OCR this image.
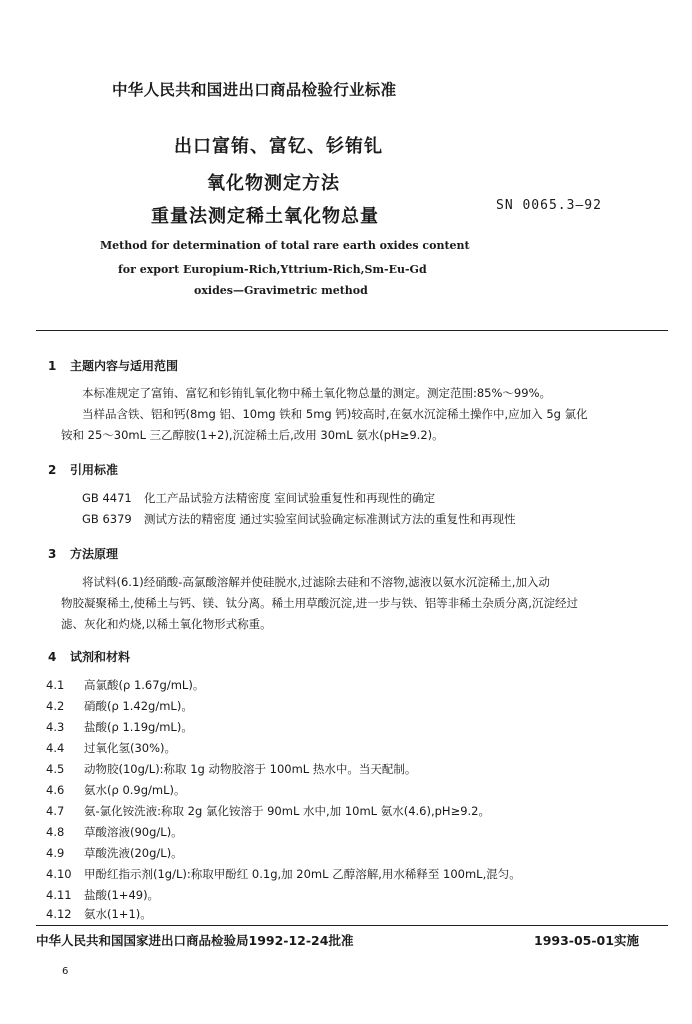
中华人民共和国进出口商品检验行业标准
出口富铕、富钇、钐铕钆
氧化物测定方法
重量法测定稀土氧化物总量
SN 0065.3—92
Method for determination of total rare earth oxides content
for export Europium-Rich,Yttrium-Rich,Sm-Eu-Gd
oxides—Gravimetric method
1 主题内容与适用范围
本标准规定了富铕、富钇和钐铕钆氧化物中稀土氧化物总量的测定。测定范围:85%～99%。
当样品含铁、铝和钙(8mg 铝、10mg 铁和 5mg 钙)较高时,在氨水沉淀稀土操作中,应加入 5g 氯化
铵和 25～30mL 三乙醇胺(1+2),沉淀稀土后,改用 30mL 氨水(pH≥9.2)。
2 引用标准
GB 4471 化工产品试验方法精密度 室间试验重复性和再现性的确定
GB 6379 测试方法的精密度 通过实验室间试验确定标准测试方法的重复性和再现性
3 方法原理
将试料(6.1)经硝酸-高氯酸溶解并使硅脱水,过滤除去硅和不溶物,滤液以氨水沉淀稀土,加入动
物胶凝聚稀土,使稀土与钙、镁、钛分离。稀土用草酸沉淀,进一步与铁、铝等非稀土杂质分离,沉淀经过
滤、灰化和灼烧,以稀土氧化物形式称重。
4 试剂和材料
4.1 高氯酸(ρ 1.67g/mL)。
4.2 硝酸(ρ 1.42g/mL)。
4.3 盐酸(ρ 1.19g/mL)。
4.4 过氧化氢(30%)。
4.5 动物胶(10g/L):称取 1g 动物胶溶于 100mL 热水中。当天配制。
4.6 氨水(ρ 0.9g/mL)。
4.7 氨-氯化铵洗液:称取 2g 氯化铵溶于 90mL 水中,加 10mL 氨水(4.6),pH≥9.2。
4.8 草酸溶液(90g/L)。
4.9 草酸洗液(20g/L)。
4.10 甲酚红指示剂(1g/L):称取甲酚红 0.1g,加 20mL 乙醇溶解,用水稀释至 100mL,混匀。
4.11 盐酸(1+49)。
4.12 氨水(1+1)。
中华人民共和国国家进出口商品检验局1992-12-24批准	1993-05-01实施
6
